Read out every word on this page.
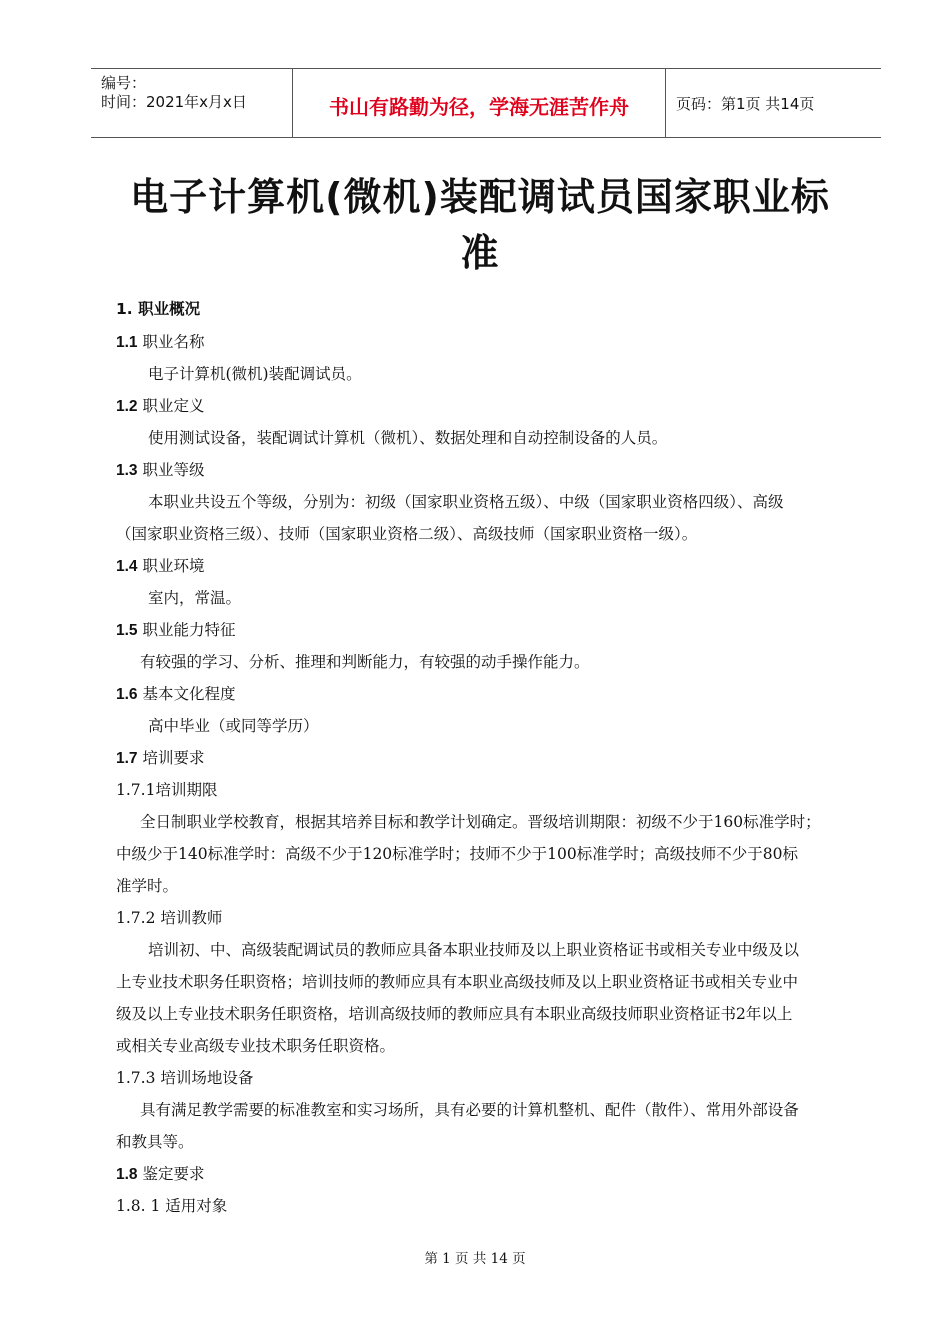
编号：
时间：2021年x月x日	书山有路勤为径，学海无涯苦作舟	页码：第1页 共14页
电子计算机(微机)装配调试员国家职业标
准
1. 职业概况
1.1 职业名称
电子计算机(微机)装配调试员。
1.2 职业定义
使用测试设备，装配调试计算机（微机）、数据处理和自动控制设备的人员。
1.3 职业等级
本职业共设五个等级，分别为：初级（国家职业资格五级）、中级（国家职业资格四级）、高级
（国家职业资格三级）、技师（国家职业资格二级）、高级技师（国家职业资格一级）。
1.4 职业环境
室内，常温。
1.5 职业能力特征
有较强的学习、分析、推理和判断能力，有较强的动手操作能力。
1.6 基本文化程度
高中毕业（或同等学历）
1.7 培训要求
1.7.1培训期限
全日制职业学校教育，根据其培养目标和教学计划确定。晋级培训期限：初级不少于160标准学时；
中级少于140标准学时：高级不少于120标准学时；技师不少于100标准学时；高级技师不少于80标
准学时。
1.7.2 培训教师
培训初、中、高级装配调试员的教师应具备本职业技师及以上职业资格证书或相关专业中级及以
上专业技术职务任职资格；培训技师的教师应具有本职业高级技师及以上职业资格证书或相关专业中
级及以上专业技术职务任职资格，培训高级技师的教师应具有本职业高级技师职业资格证书2年以上
或相关专业高级专业技术职务任职资格。
1.7.3 培训场地设备
具有满足教学需要的标准教室和实习场所，具有必要的计算机整机、配件（散件）、常用外部设备
和教具等。
1.8 鉴定要求
1.8. 1 适用对象
第 1 页 共 14 页
